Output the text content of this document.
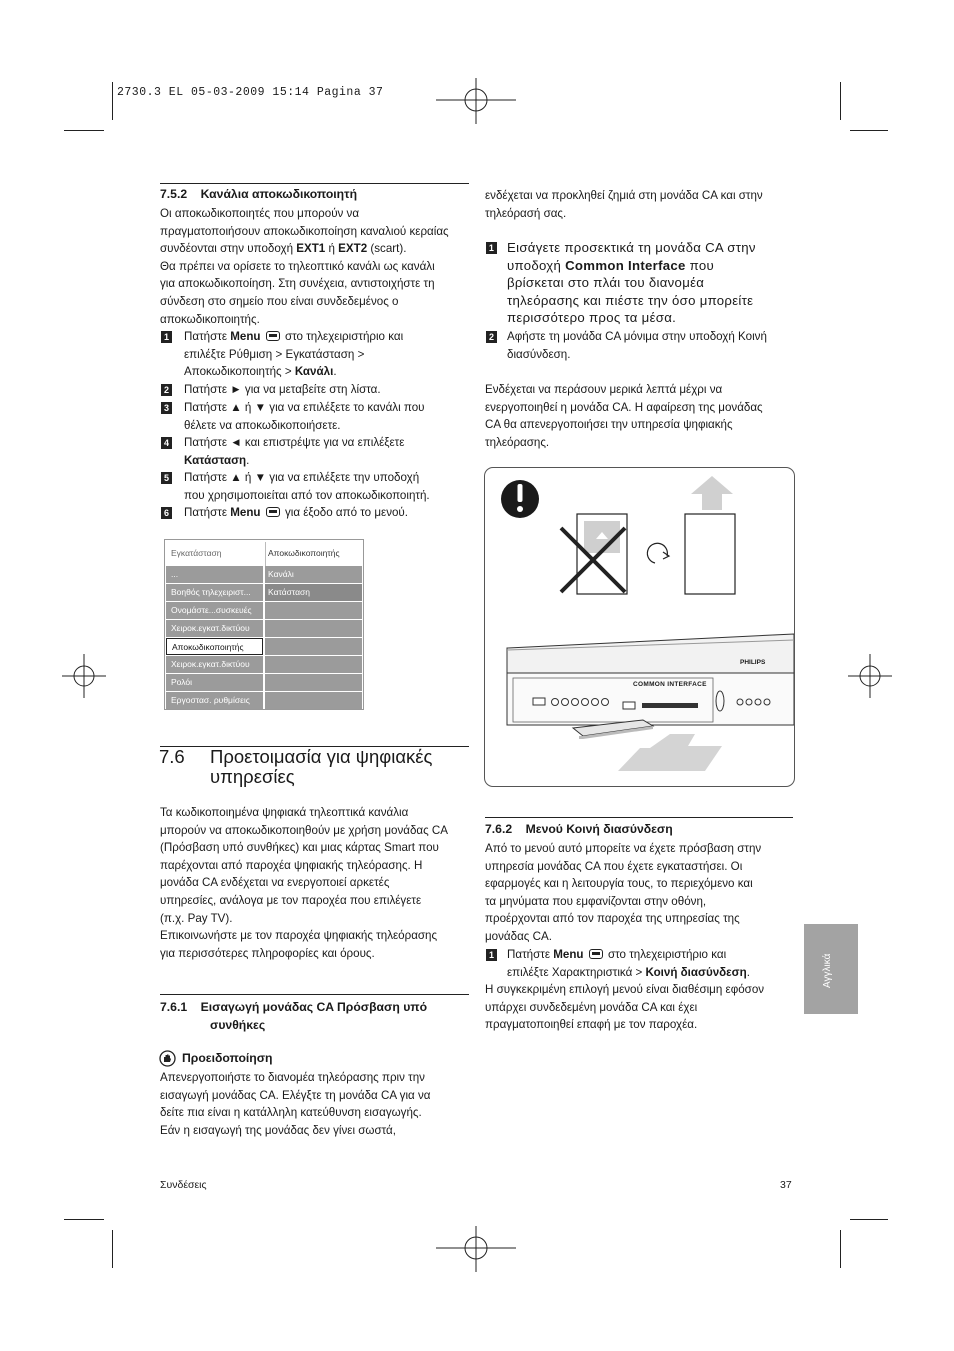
2730.3 EL 05-03-2009 15:14 Pagina 37
7.5.2    Κανάλια αποκωδικοποιητή
Οι αποκωδικοποιητές που μπορούν να
πραγματοποιήσουν αποκωδικοποίηση καναλιού κεραίας
συνδέονται στην υποδοχή EXT1 ή EXT2 (scart).
Θα πρέπει να ορίσετε το τηλεοπτικό κανάλι ως κανάλι
για αποκωδικοποίηση. Στη συνέχεια, αντιστοιχήστε τη
σύνδεση στο σημείο που είναι συνδεδεμένος ο
αποκωδικοποιητής.
1 Πατήστε Menu  στο τηλεχειριστήριο και
επιλέξτε Ρύθμιση > Εγκατάσταση >
Αποκωδικοποιητής > Κανάλι.
2 Πατήστε ► για να μεταβείτε στη λίστα.
3 Πατήστε ▲ ή ▼ για να επιλέξετε το κανάλι που
θέλετε να αποκωδικοποιήσετε.
4 Πατήστε ◄ και επιστρέψτε για να επιλέξετε
Κατάσταση.
5 Πατήστε ▲ ή ▼ για να επιλέξετε την υποδοχή
που χρησιμοποιείται από τον αποκωδικοποιητή.
6 Πατήστε Menu  για έξοδο από το μενού.
Εγκατάσταση	Αποκωδικοποιητής
...	Κανάλι
Βοηθός τηλεχειριστ...	Κατάσταση
Ονομάστε...συσκευές
Χειροκ.εγκατ.δικτύου
Αποκωδικοποιητής
Χειροκ.εγκατ.δικτύου
Ρολόι
Εργοστασ. ρυθμίσεις
7.6 Προετοιμασία για ψηφιακές
υπηρεσίες
Τα κωδικοποιημένα ψηφιακά τηλεοπτικά κανάλια
μπορούν να αποκωδικοποιηθούν με χρήση μονάδας CA
(Πρόσβαση υπό συνθήκες) και μιας κάρτας Smart που
παρέχονται από παροχέα ψηφιακής τηλεόρασης. Η
μονάδα CA ενδέχεται να ενεργοποιεί αρκετές
υπηρεσίες, ανάλογα με τον παροχέα που επιλέγετε
(π.χ. Pay TV).
Επικοινωνήστε με τον παροχέα ψηφιακής τηλεόρασης
για περισσότερες πληροφορίες και όρους.
7.6.1    Εισαγωγή μονάδας CA Πρόσβαση υπό
συνθήκες
Προειδοποίηση
Απενεργοποιήστε το διανομέα τηλεόρασης πριν την
εισαγωγή μονάδας CA. Ελέγξτε τη μονάδα CA για να
δείτε πια είναι η κατάλληλη κατεύθυνση εισαγωγής.
Εάν η εισαγωγή της μονάδας δεν γίνει σωστά,
ενδέχεται να προκληθεί ζημιά στη μονάδα CA και στην
τηλεόρασή σας.
1 Εισάγετε προσεκτικά τη μονάδα CA στην
υποδοχή Common Interface που
βρίσκεται στο πλάι του διανομέα
τηλεόρασης και πιέστε την όσο μπορείτε
περισσότερο προς τα μέσα.
2 Αφήστε τη μονάδα CA μόνιμα στην υποδοχή Κοινή
διασύνδεση.
Ενδέχεται να περάσουν μερικά λεπτά μέχρι να
ενεργοποιηθεί η μονάδα CA. Η αφαίρεση της μονάδας
CA θα απενεργοποιήσει την υπηρεσία ψηφιακής
τηλεόρασης.
COMMON INTERFACE
PHILIPS
7.6.2    Μενού Κοινή διασύνδεση
Από το μενού αυτό μπορείτε να έχετε πρόσβαση στην
υπηρεσία μονάδας CA που έχετε εγκαταστήσει. Οι
εφαρμογές και η λειτουργία τους, το περιεχόμενο και
τα μηνύματα που εμφανίζονται στην οθόνη,
προέρχονται από τον παροχέα της υπηρεσίας της
μονάδας CA.
1 Πατήστε Menu  στο τηλεχειριστήριο και
επιλέξτε Χαρακτηριστικά > Κοινή διασύνδεση.
Η συγκεκριμένη επιλογή μενού είναι διαθέσιμη εφόσον
υπάρχει συνδεδεμένη μονάδα CA και έχει
πραγματοποιηθεί επαφή με τον παροχέα.
Αγγλικά
Συνδέσεις	37
